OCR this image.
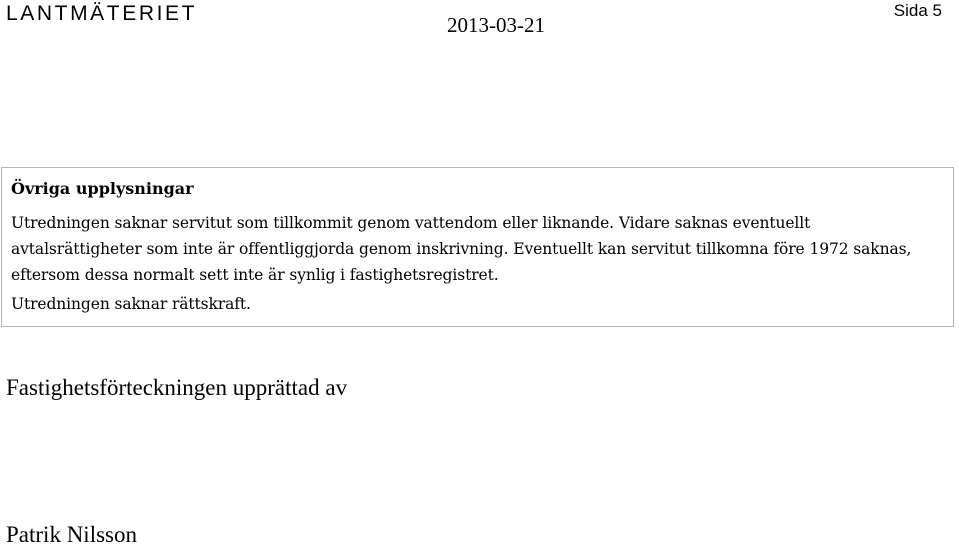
LANTMÄTERIET	2013-03-21
Sida 5
Övriga upplysningar

Utredningen saknar servitut som tillkommit genom vattendom eller liknande. Vidare saknas eventuellt avtalsrättigheter som inte är offentliggjorda genom inskrivning. Eventuellt kan servitut tillkomna före 1972 saknas, eftersom dessa normalt sett inte är synlig i fastighetsregistret.

Utredningen saknar rättskraft.

Fastighetsförteckningen upprättad av
Patrik Nilsson
